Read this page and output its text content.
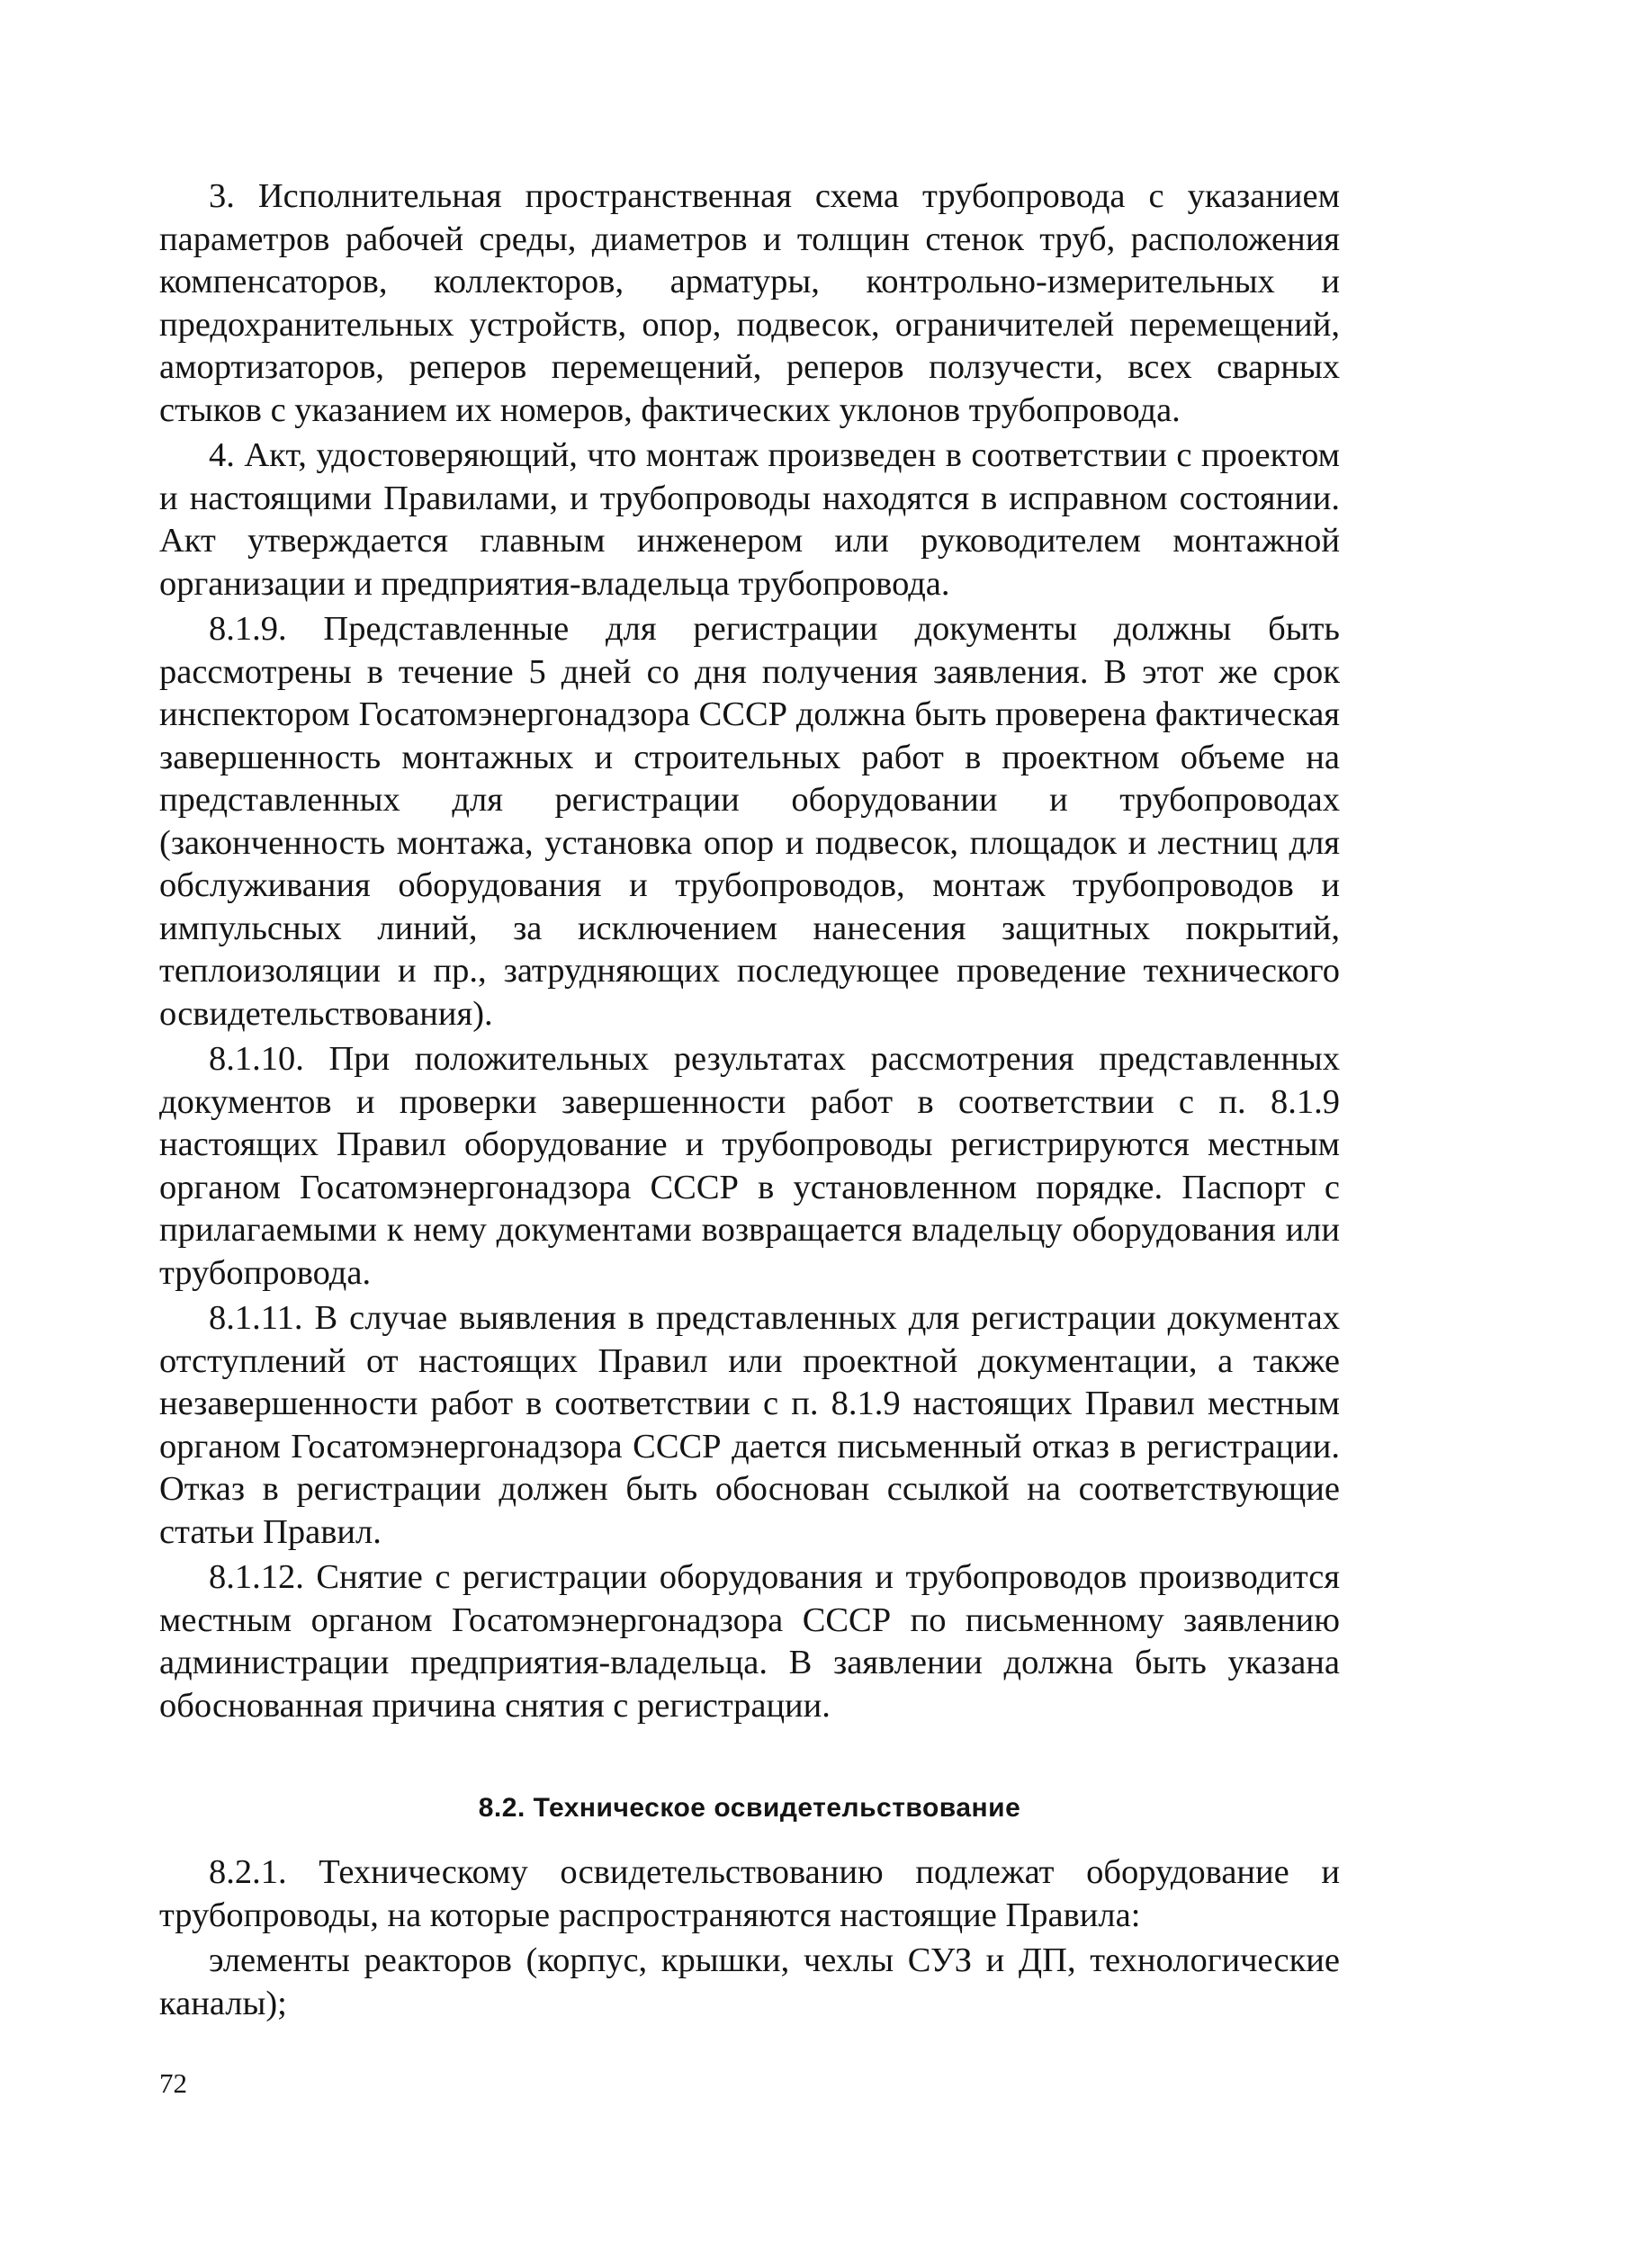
3. Исполнительная пространственная схема трубопровода с указанием параметров рабочей среды, диаметров и толщин стенок труб, расположения компенсаторов, коллекторов, арматуры, контрольно-измерительных и предохранительных устройств, опор, подвесок, ограничителей перемещений, амортизаторов, реперов перемещений, реперов ползучести, всех сварных стыков с указанием их номеров, фактических уклонов трубопровода.

4. Акт, удостоверяющий, что монтаж произведен в соответствии с проектом и настоящими Правилами, и трубопроводы находятся в исправном состоянии. Акт утверждается главным инженером или руководителем монтажной организации и предприятия-владельца трубопровода.

8.1.9. Представленные для регистрации документы должны быть рассмотрены в течение 5 дней со дня получения заявления. В этот же срок инспектором Госатомэнергонадзора СССР должна быть проверена фактическая завершенность монтажных и строительных работ в проектном объеме на представленных для регистрации оборудовании и трубопроводах (законченность монтажа, установка опор и подвесок, площадок и лестниц для обслуживания оборудования и трубопроводов, монтаж трубопроводов и импульсных линий, за исключением нанесения защитных покрытий, теплоизоляции и пр., затрудняющих последующее проведение технического освидетельствования).

8.1.10. При положительных результатах рассмотрения представленных документов и проверки завершенности работ в соответствии с п. 8.1.9 настоящих Правил оборудование и трубопроводы регистрируются местным органом Госатомэнергонадзора СССР в установленном порядке. Паспорт с прилагаемыми к нему документами возвращается владельцу оборудования или трубопровода.

8.1.11. В случае выявления в представленных для регистрации документах отступлений от настоящих Правил или проектной документации, а также незавершенности работ в соответствии с п. 8.1.9 настоящих Правил местным органом Госатомэнергонадзора СССР дается письменный отказ в регистрации. Отказ в регистрации должен быть обоснован ссылкой на соответствующие статьи Правил.

8.1.12. Снятие с регистрации оборудования и трубопроводов производится местным органом Госатомэнергонадзора СССР по письменному заявлению администрации предприятия-владельца. В заявлении должна быть указана обоснованная причина снятия с регистрации.

8.2. Техническое освидетельствование

8.2.1. Техническому освидетельствованию подлежат оборудование и трубопроводы, на которые распространяются настоящие Правила:

элементы реакторов (корпус, крышки, чехлы СУЗ и ДП, технологические каналы);

72
